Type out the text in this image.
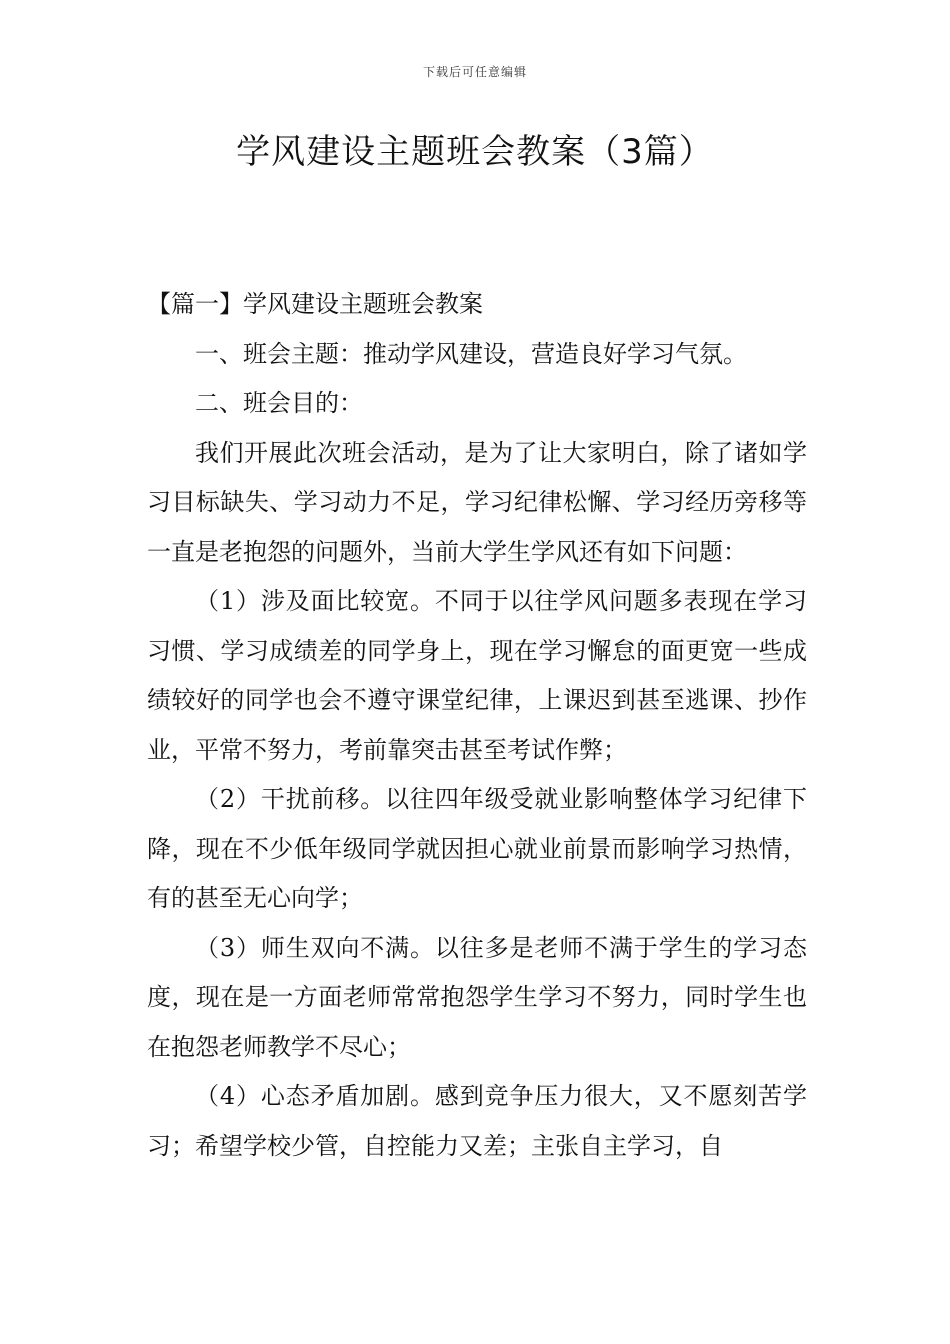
下载后可任意编辑
学风建设主题班会教案（3篇）

【篇一】学风建设主题班会教案

一、班会主题：推动学风建设，营造良好学习气氛。

二、班会目的：

我们开展此次班会活动，是为了让大家明白，除了诸如学习目标缺失、学习动力不足，学习纪律松懈、学习经历旁移等一直是老抱怨的问题外，当前大学生学风还有如下问题：

（1）涉及面比较宽。不同于以往学风问题多表现在学习习惯、学习成绩差的同学身上，现在学习懈怠的面更宽一些成绩较好的同学也会不遵守课堂纪律，上课迟到甚至逃课、抄作业，平常不努力，考前靠突击甚至考试作弊；

（2）干扰前移。以往四年级受就业影响整体学习纪律下降，现在不少低年级同学就因担心就业前景而影响学习热情，有的甚至无心向学；

（3）师生双向不满。以往多是老师不满于学生的学习态度，现在是一方面老师常常抱怨学生学习不努力，同时学生也在抱怨老师教学不尽心；

（4）心态矛盾加剧。感到竞争压力很大，又不愿刻苦学习；希望学校少管，自控能力又差；主张自主学习，自
